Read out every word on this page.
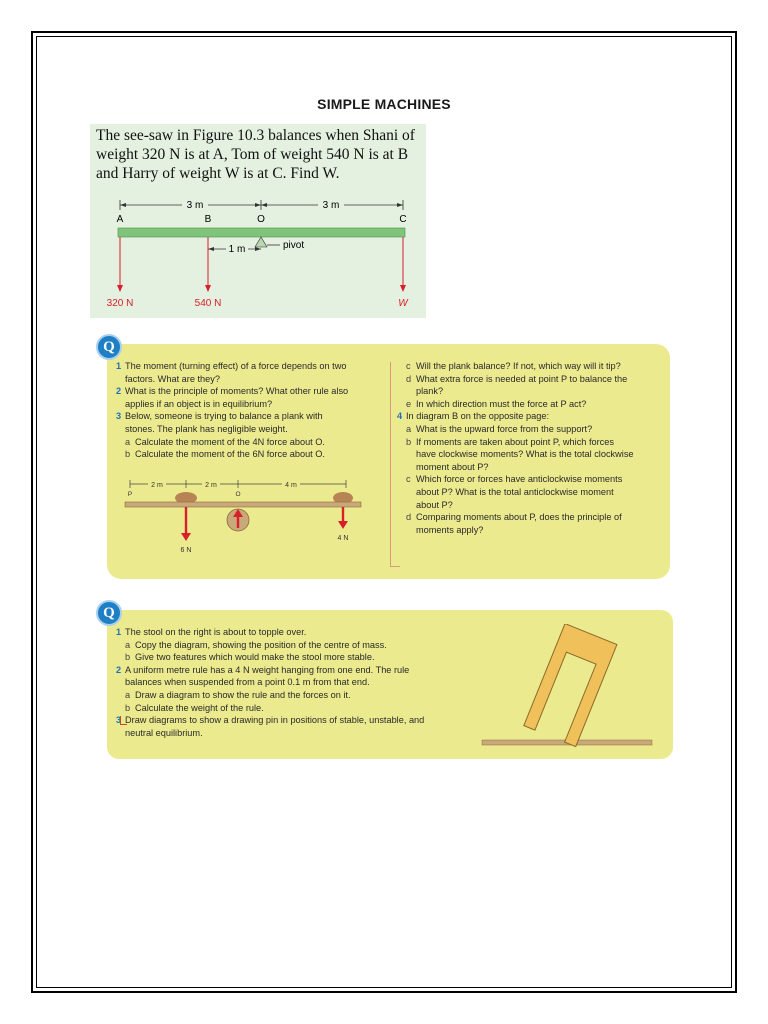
SIMPLE MACHINES
The see-saw in Figure 10.3 balances when Shani of weight 320 N is at A, Tom of weight 540 N is at B and Harry of weight W is at C. Find W.
3 m	3 m
A	B	O	C
1 m	pivot
320 N	540 N	W
Q
1 The moment (turning effect) of a force depends on two
factors. What are they?
2 What is the principle of moments? What other rule also
applies if an object is in equilibrium?
3 Below, someone is trying to balance a plank with
stones. The plank has negligible weight.
a Calculate the moment of the 4N force about O.
b Calculate the moment of the 6N force about O.
2 m	2 m	4 m
P	O
6 N
4 N
c Will the plank balance? If not, which way will it tip?
d What extra force is needed at point P to balance the
plank?
e In which direction must the force at P act?
4 In diagram B on the opposite page:
a What is the upward force from the support?
b If moments are taken about point P, which forces
have clockwise moments? What is the total clockwise
moment about P?
c Which force or forces have anticlockwise moments
about P? What is the total anticlockwise moment
about P?
d Comparing moments about P, does the principle of
moments apply?
Q
1 The stool on the right is about to topple over.
a Copy the diagram, showing the position of the centre of mass.
b Give two features which would make the stool more stable.
2 A uniform metre rule has a 4 N weight hanging from one end. The rule
balances when suspended from a point 0.1 m from that end.
a Draw a diagram to show the rule and the forces on it.
b Calculate the weight of the rule.
3 Draw diagrams to show a drawing pin in positions of stable, unstable, and
neutral equilibrium.
